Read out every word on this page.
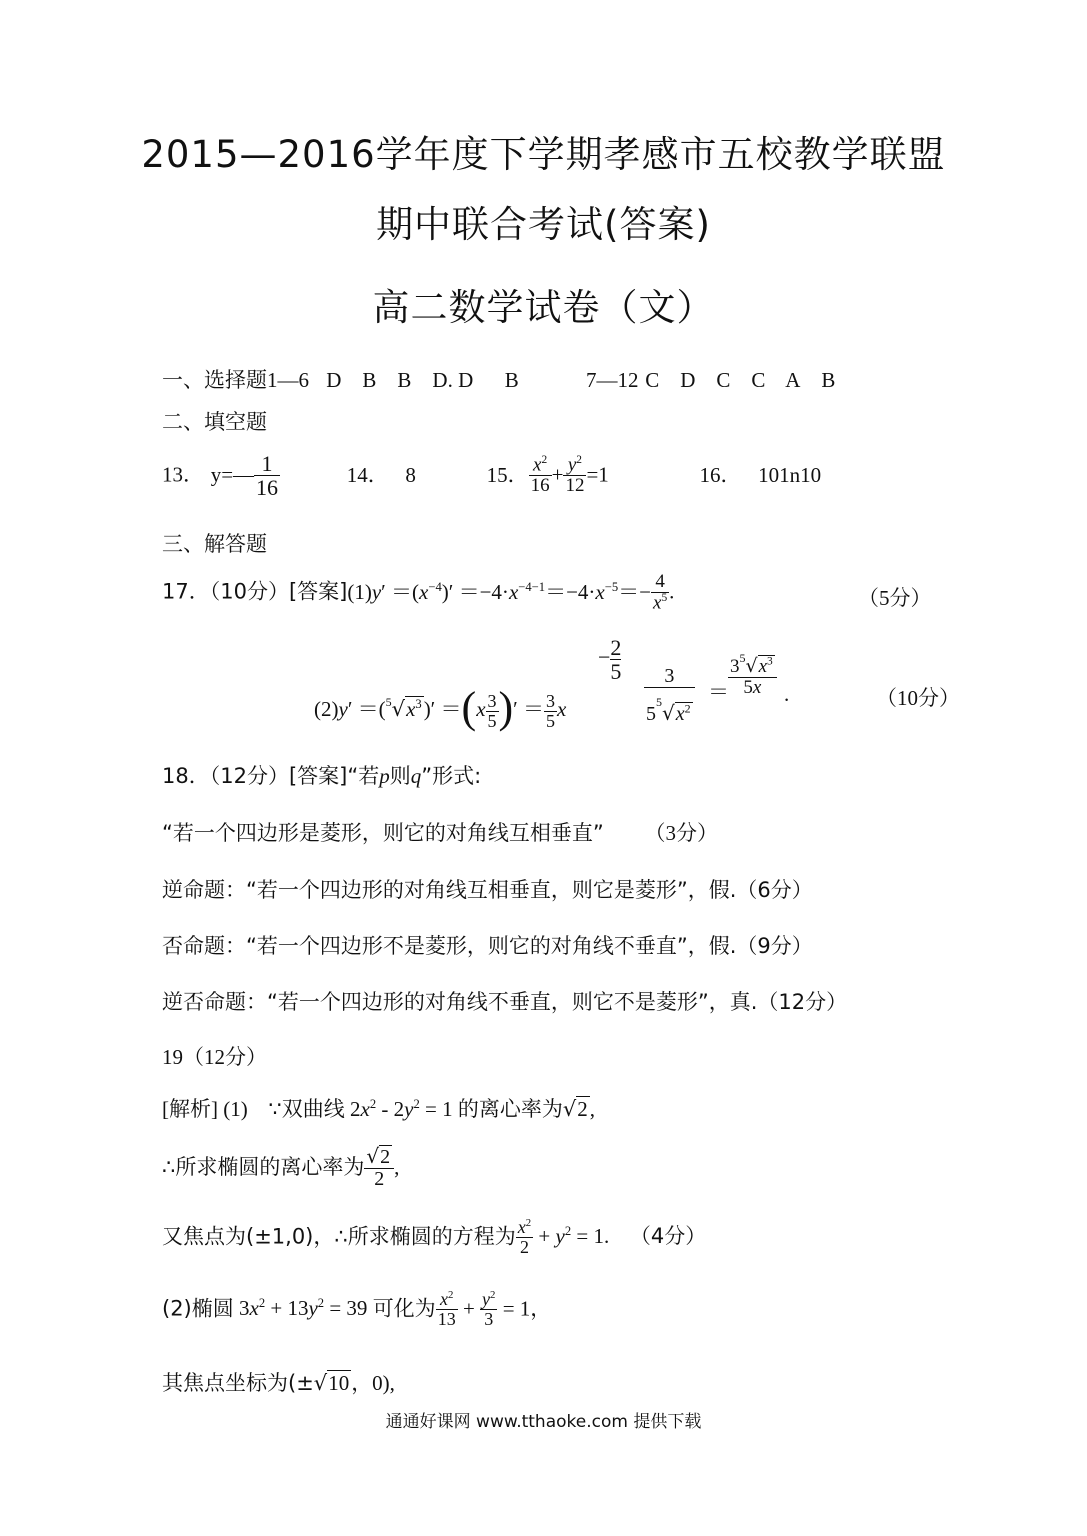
2015—2016学年度下学期孝感市五校教学联盟
期中联合考试(答案)
高二数学试卷（文）
一、选择题1—6 D B B D. D B	7—12 C D C C A B
二、填空题
13． y=— $\frac{1}{16}$	14． 8	15． $\frac{x^2}{16} + \frac{y^2}{12} =1$	16． 101n10
三、解答题
17．（10分）[答案]$(1)y' =(x^{-4})' =-4\cdot x^{-4-1}=-4\cdot x^{-5}=- \frac{4}{x^5}$ .	（5分）
$(2)y' =(^5√x^3)' =(x \frac{3}{5}$ )′ ＝ $\frac{3}{5}$ x
− $\frac{2}{5}$
$\frac{3}{5^5√x^2} = \frac{3^5√x^3}{5x}$ .	（10分）
18．（12分）[答案]“若p则q”形式:
“若一个四边形是菱形，则它的对角线互相垂直” （3分）
逆命题：“若一个四边形的对角线互相垂直，则它是菱形”，假.（6分）
否命题：“若一个四边形不是菱形，则它的对角线不垂直”，假.（9分）
逆否命题：“若一个四边形的对角线不垂直，则它不是菱形”，真.（12分）
19（12分）
[解析] (1) ∵双曲线 $2x^2 - 2y^2 = 1$ 的离心率为√2,
∴所求椭圆的离心率为 $\frac{√2}{2}$ ,
又焦点为(±1,0)，∴所求椭圆的方程为 $\frac{x^2}{2} + y^2 = 1$. （4分）
(2)椭圆 $3x^2 + 13y^2 = 39$ 可化为 $\frac{x^2}{13} + \frac{y^2}{3} = 1$，
其焦点坐标为(±√10，0),
通通好课网 www.tthaoke.com 提供下载
